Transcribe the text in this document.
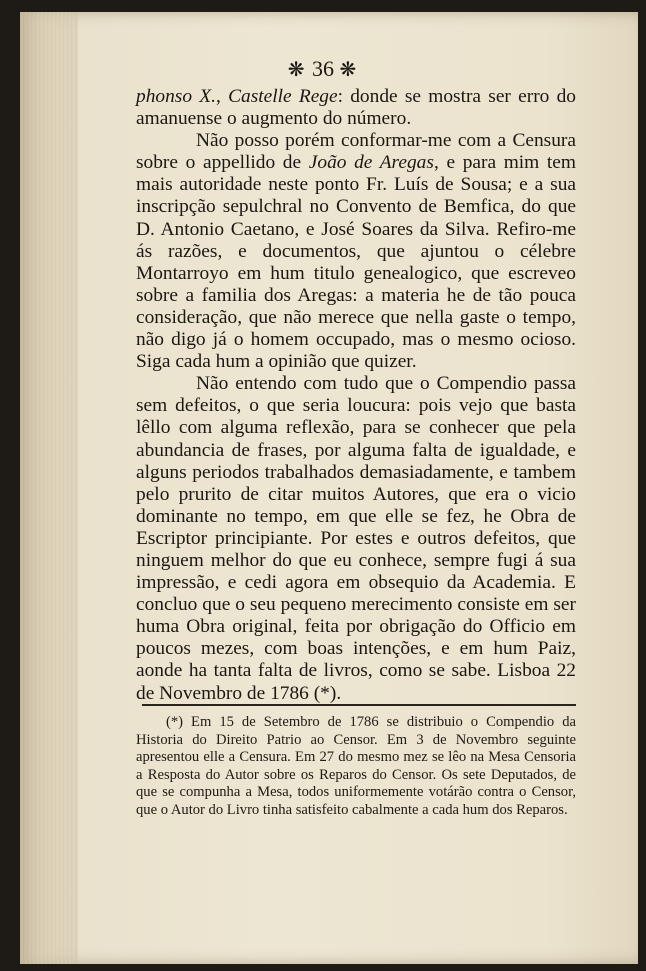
❋ 36 ❋

phonso X., Castelle Rege: donde se mostra ser erro do amanuense o augmento do número.

Não posso porém conformar-me com a Censura sobre o appellido de João de Aregas, e para mim tem mais autoridade neste ponto Fr. Luís de Sousa; e a sua inscripção sepulchral no Convento de Bemfica, do que D. Antonio Caetano, e José Soares da Silva. Refiro-me ás razões, e documentos, que ajuntou o célebre Montarroyo em hum titulo genealogico, que escreveo sobre a familia dos Aregas: a materia he de tão pouca consideração, que não merece que nella gaste o tempo, não digo já o homem occupado, mas o mesmo ocioso. Siga cada hum a opinião que quizer.

Não entendo com tudo que o Compendio passa sem defeitos, o que seria loucura: pois vejo que basta lêllo com alguma reflexão, para se conhecer que pela abundancia de frases, por alguma falta de igualdade, e alguns periodos trabalhados demasiadamente, e tambem pelo prurito de citar muitos Autores, que era o vicio dominante no tempo, em que elle se fez, he Obra de Escriptor principiante. Por estes e outros defeitos, que ninguem melhor do que eu conhece, sempre fugi á sua impressão, e cedi agora em obsequio da Academia. E concluo que o seu pequeno merecimento consiste em ser huma Obra original, feita por obrigação do Officio em poucos mezes, com boas intenções, e em hum Paiz, aonde ha tanta falta de livros, como se sabe. Lisboa 22 de Novembro de 1786 (*).

(*) Em 15 de Setembro de 1786 se distribuio o Compendio da Historia do Direito Patrio ao Censor. Em 3 de Novembro seguinte apresentou elle a Censura. Em 27 do mesmo mez se lêo na Mesa Censoria a Resposta do Autor sobre os Reparos do Censor. Os sete Deputados, de que se compunha a Mesa, todos uniformemente votárão contra o Censor, que o Autor do Livro tinha satisfeito cabalmente a cada hum dos Reparos.
